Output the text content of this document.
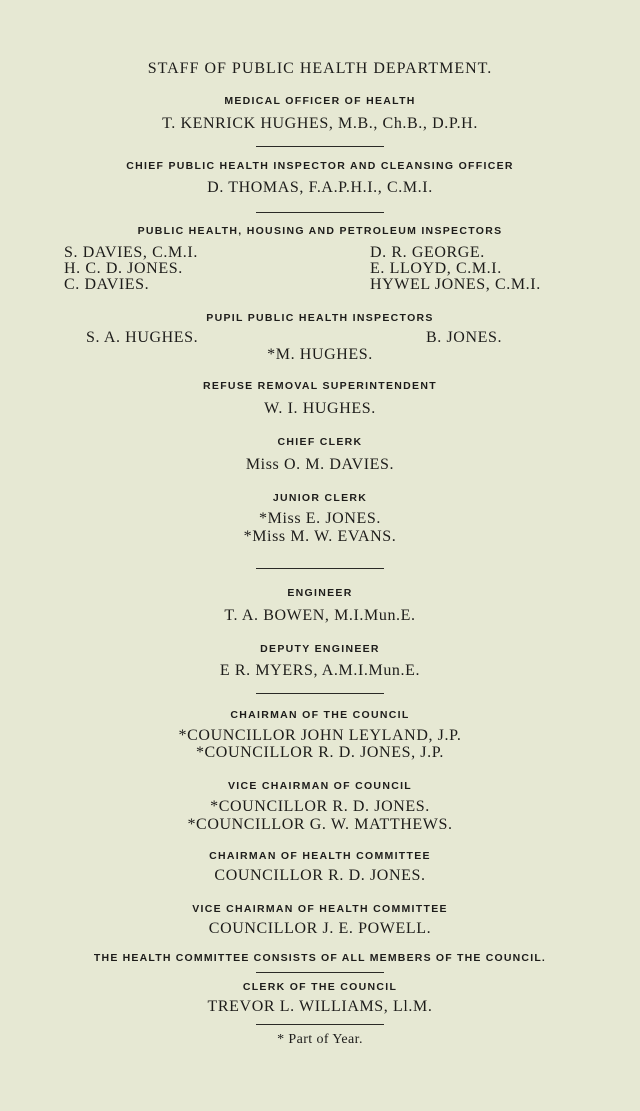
STAFF OF PUBLIC HEALTH DEPARTMENT.
MEDICAL OFFICER OF HEALTH
T. KENRICK HUGHES, M.B., Ch.B., D.P.H.
CHIEF PUBLIC HEALTH INSPECTOR AND CLEANSING OFFICER
D. THOMAS, F.A.P.H.I., C.M.I.
PUBLIC HEALTH, HOUSING AND PETROLEUM INSPECTORS
S. DAVIES, C.M.I.
H. C. D. JONES.
C. DAVIES.
D. R. GEORGE.
E. LLOYD, C.M.I.
HYWEL JONES, C.M.I.
PUPIL PUBLIC HEALTH INSPECTORS
S. A. HUGHES.	B. JONES.
*M. HUGHES.
REFUSE REMOVAL SUPERINTENDENT
W. I. HUGHES.
CHIEF CLERK
Miss O. M. DAVIES.
JUNIOR CLERK
*Miss E. JONES.
*Miss M. W. EVANS.
ENGINEER
T. A. BOWEN, M.I.Mun.E.
DEPUTY ENGINEER
E R. MYERS, A.M.I.Mun.E.
CHAIRMAN OF THE COUNCIL
*COUNCILLOR JOHN LEYLAND, J.P.
*COUNCILLOR R. D. JONES, J.P.
VICE CHAIRMAN OF COUNCIL
*COUNCILLOR R. D. JONES.
*COUNCILLOR G. W. MATTHEWS.
CHAIRMAN OF HEALTH COMMITTEE
COUNCILLOR R. D. JONES.
VICE CHAIRMAN OF HEALTH COMMITTEE
COUNCILLOR J. E. POWELL.
THE HEALTH COMMITTEE CONSISTS OF ALL MEMBERS OF THE COUNCIL.
CLERK OF THE COUNCIL
TREVOR L. WILLIAMS, Ll.M.
* Part of Year.
